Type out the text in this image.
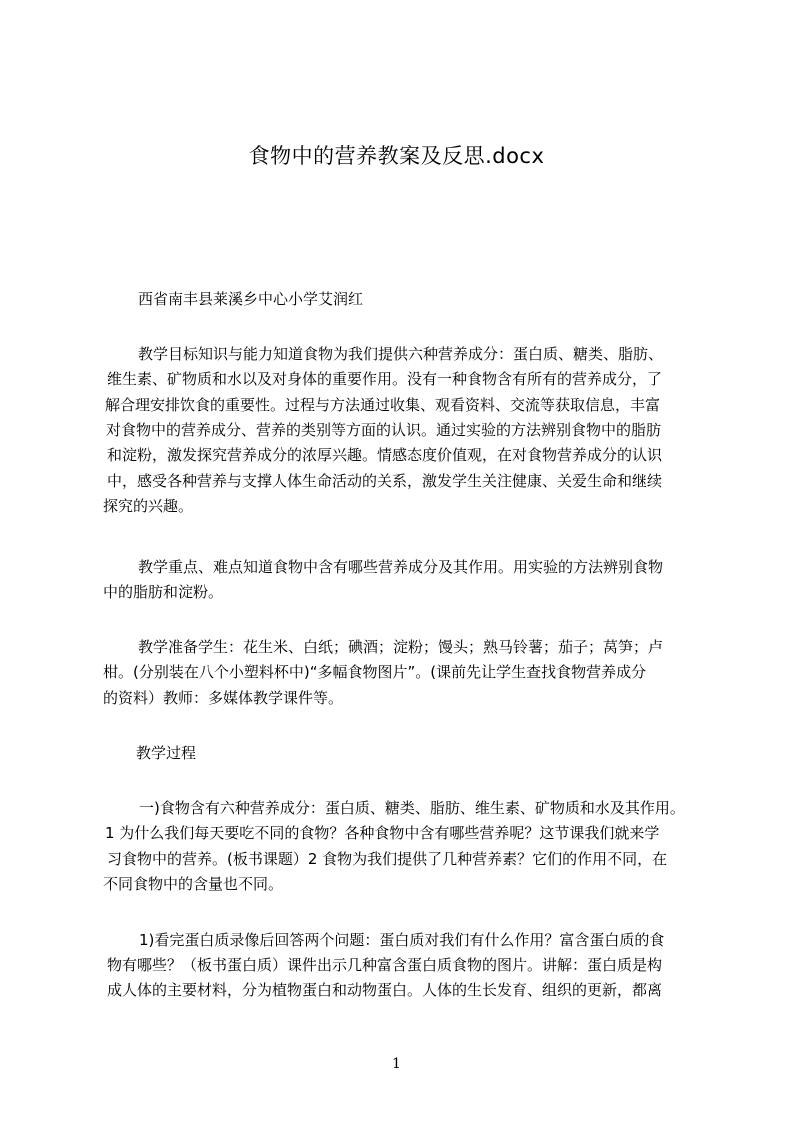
食物中的营养教案及反思.docx
西省南丰县莱溪乡中心小学艾润红
教学目标知识与能力知道食物为我们提供六种营养成分：蛋白质、糖类、脂肪、
维生素、矿物质和水以及对身体的重要作用。没有一种食物含有所有的营养成分，了
解合理安排饮食的重要性。过程与方法通过收集、观看资料、交流等获取信息，丰富
对食物中的营养成分、营养的类别等方面的认识。通过实验的方法辨别食物中的脂肪
和淀粉，激发探究营养成分的浓厚兴趣。情感态度价值观，在对食物营养成分的认识
中，感受各种营养与支撑人体生命活动的关系，激发学生关注健康、关爱生命和继续
探究的兴趣。
教学重点、难点知道食物中含有哪些营养成分及其作用。用实验的方法辨别食物
中的脂肪和淀粉。
教学准备学生：花生米、白纸；碘酒；淀粉；馒头；熟马铃薯；茄子；莴笋；卢
柑。(分别装在八个小塑料杯中)“多幅食物图片”。(课前先让学生查找食物营养成分
的资料）教师：多媒体教学课件等。
教学过程
一)食物含有六种营养成分：蛋白质、糖类、脂肪、维生素、矿物质和水及其作用。
1 为什么我们每天要吃不同的食物？各种食物中含有哪些营养呢？这节课我们就来学
习食物中的营养。(板书课题）2 食物为我们提供了几种营养素？它们的作用不同，在
不同食物中的含量也不同。
1)看完蛋白质录像后回答两个问题：蛋白质对我们有什么作用？富含蛋白质的食
物有哪些？（板书蛋白质）课件出示几种富含蛋白质食物的图片。讲解：蛋白质是构
成人体的主要材料，分为植物蛋白和动物蛋白。人体的生长发育、组织的更新，都离
1
